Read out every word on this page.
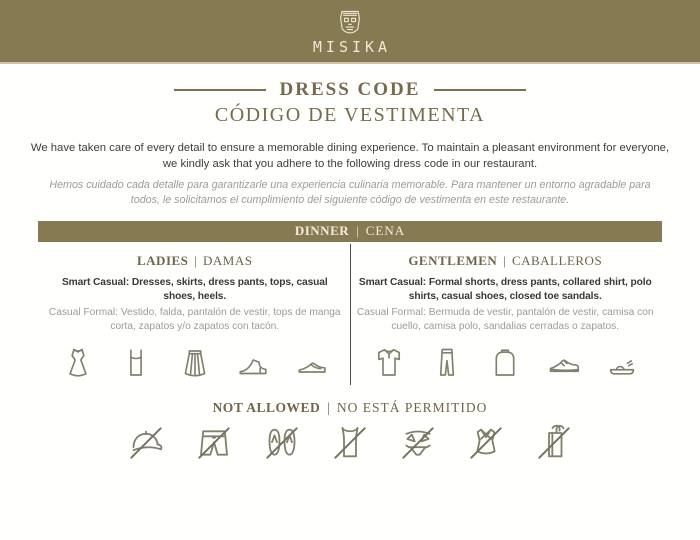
MISIKA
DRESS CODE
CÓDIGO DE VESTIMENTA

We have taken care of every detail to ensure a memorable dining experience. To maintain a pleasant environment for everyone, we kindly ask that you adhere to the following dress code in our restaurant.

Hemos cuidado cada detalle para garantizarle una experiencia culinaria memorable. Para mantener un entorno agradable para todos, le solicitamos el cumplimiento del siguiente código de vestimenta en este restaurante.

DINNER | CENA
LADIES | DAMAS

Smart Casual: Dresses, skirts, dress pants, tops, casual shoes, heels.

Casual Formal: Vestido, falda, pantalón de vestir, tops de manga corta, zapatos y/o zapatos con tacón.

GENTLEMEN | CABALLEROS

Smart Casual: Formal shorts, dress pants, collared shirt, polo shirts, casual shoes, closed toe sandals.

Casual Formal: Bermuda de vestir, pantalón de vestir, camisa con cuello, camisa polo, sandalias cerradas o zapatos.

NOT ALLOWED | NO ESTÁ PERMITIDO
